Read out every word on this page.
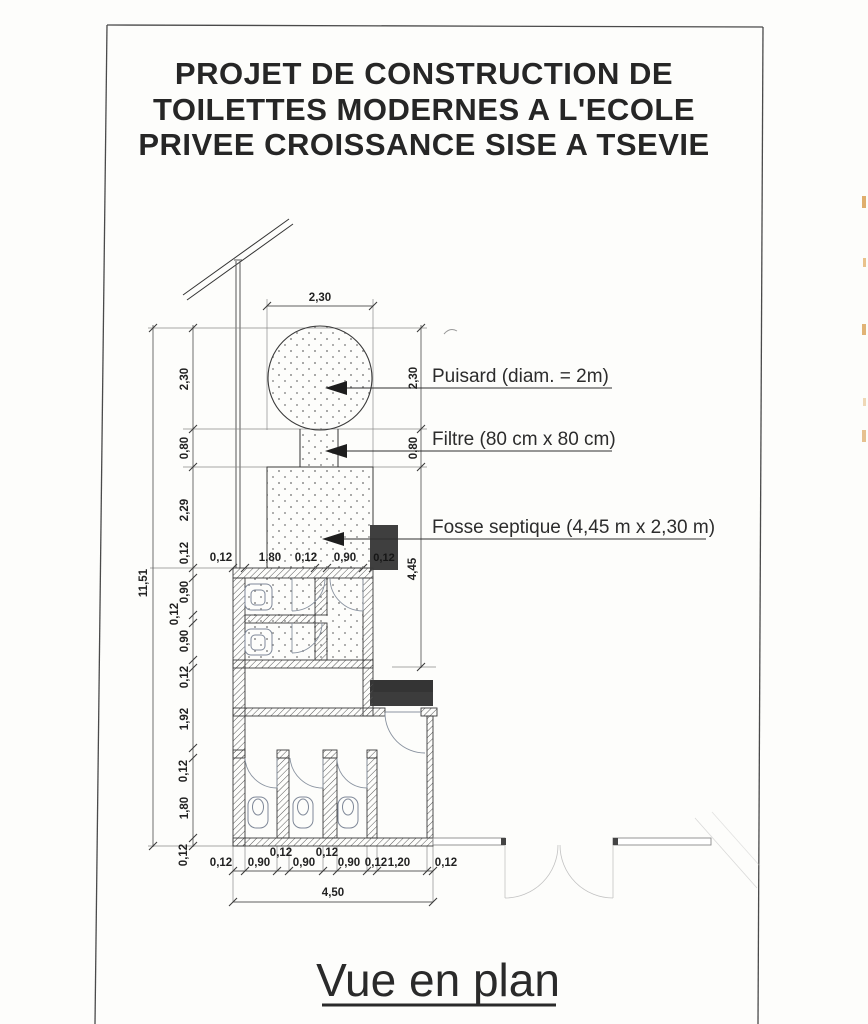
PROJET DE CONSTRUCTION DE
TOILETTES MODERNES A L'ECOLE
PRIVEE CROISSANCE SISE A TSEVIE
0,12
Puisard (diam. = 2m)
Filtre (80 cm x 80 cm)
Fosse septique (4,45 m x 2,30 m)
2,30
2,30
0,80
2,29
0,12
0,90
0,12
0,90
0,12
1,92
0,12
1,80
0,12
11,51
2,30
0,80
4,45
0,12 1,80 0,12 0,90
0,12 0,90
0,12
0,90
0,12
0,90 0,12 1,20 0,12
4,50
Vue en plan
